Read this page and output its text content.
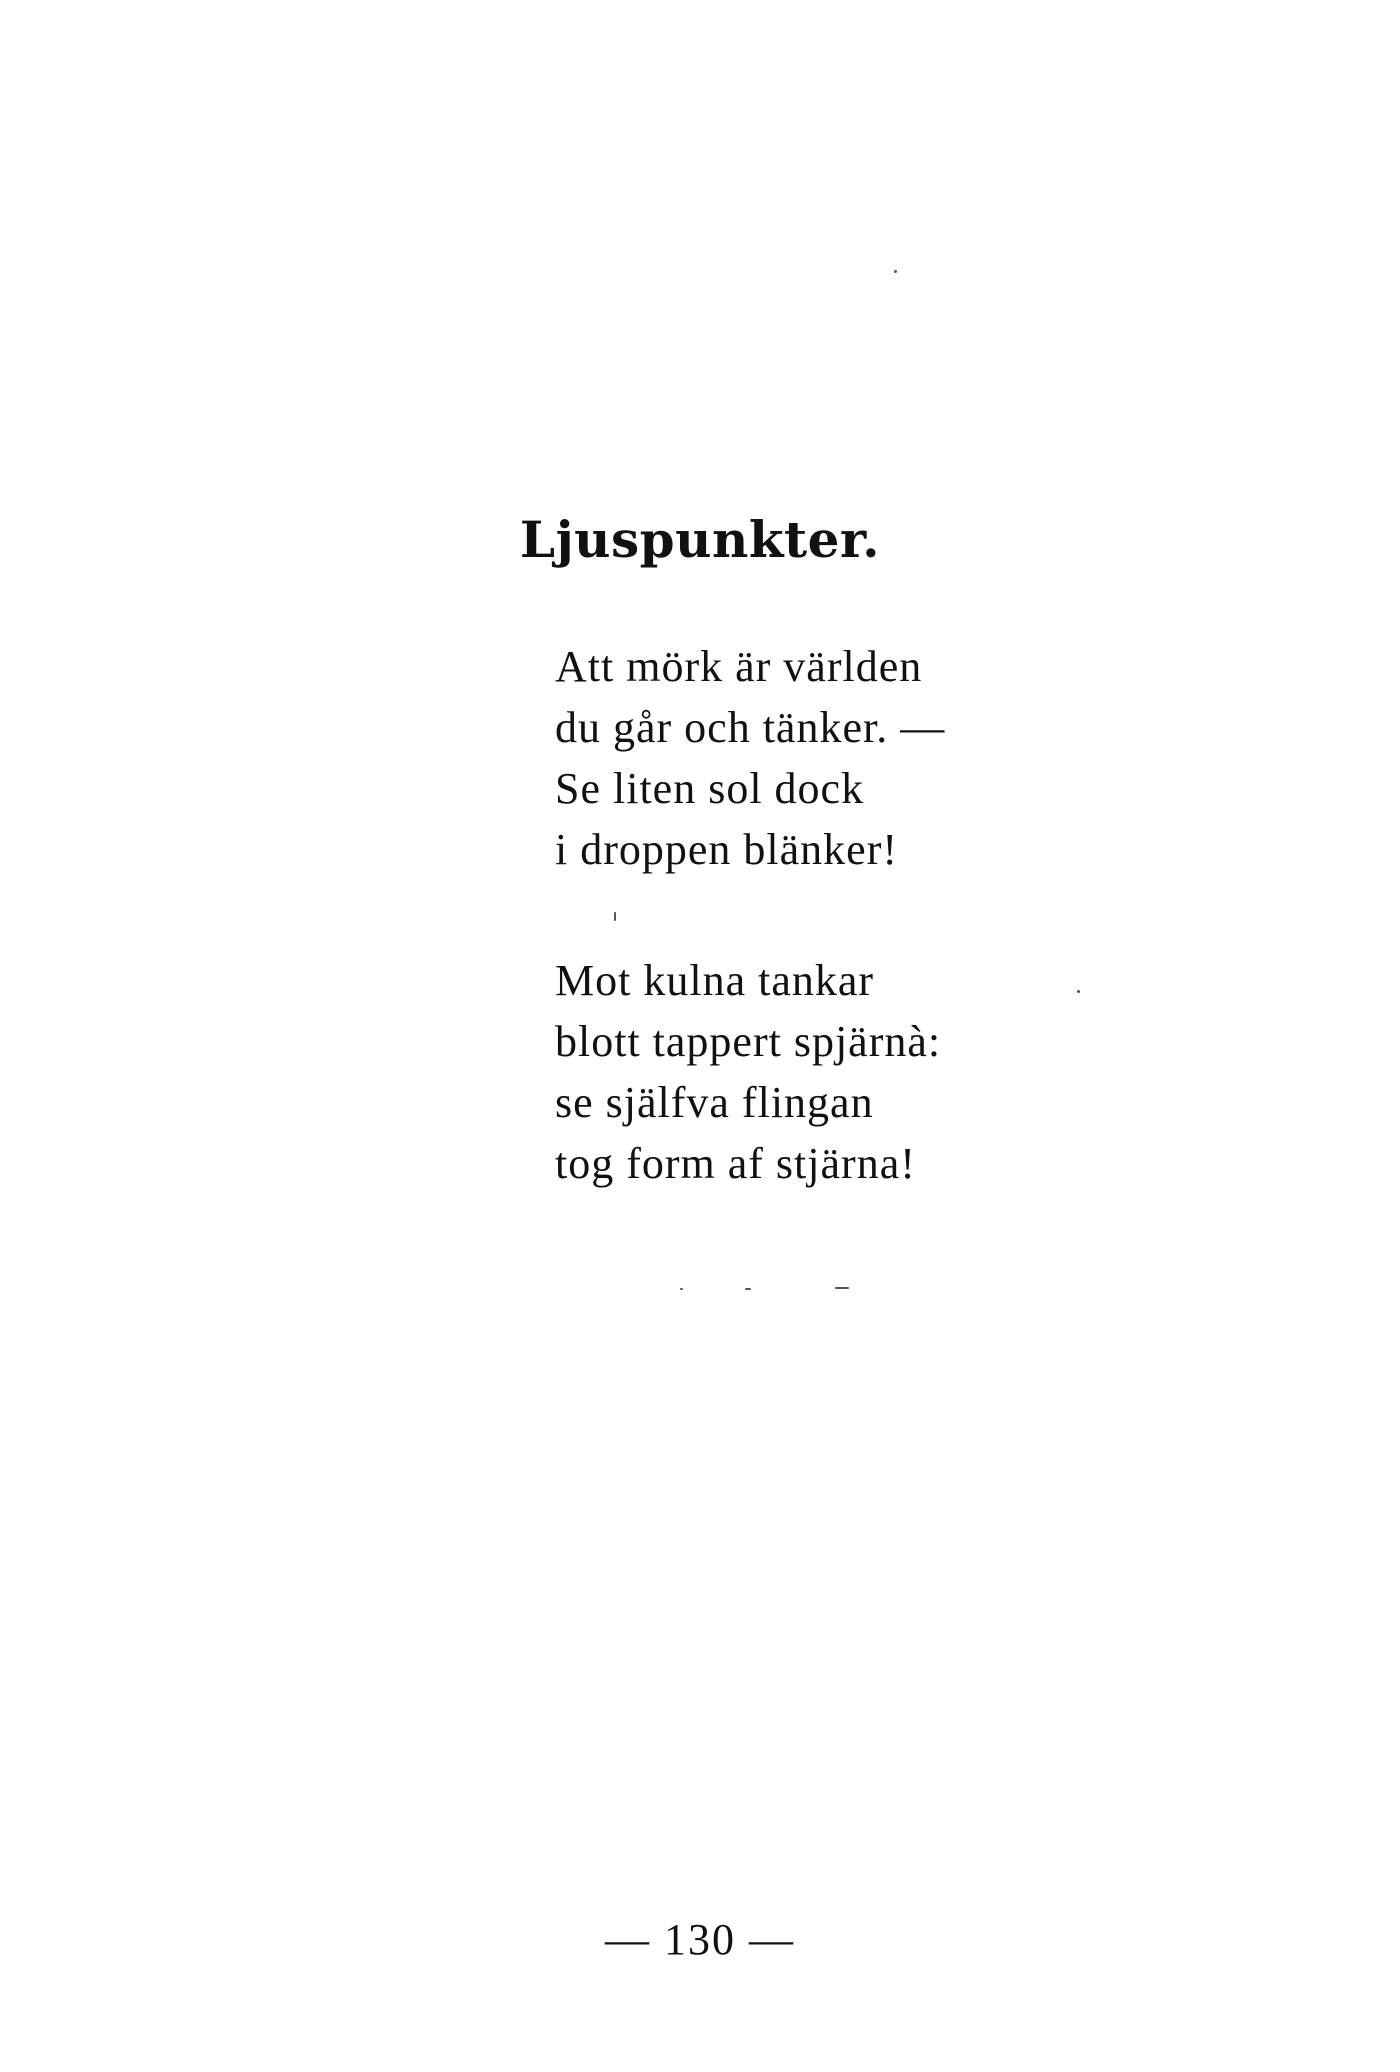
Ljuspunkter.
Att mörk är världen
du går och tänker. —
Se liten sol dock
i droppen blänker!
Mot kulna tankar
blott tappert spjärnà:
se själfva flingan
tog form af stjärna!
— 130 —
